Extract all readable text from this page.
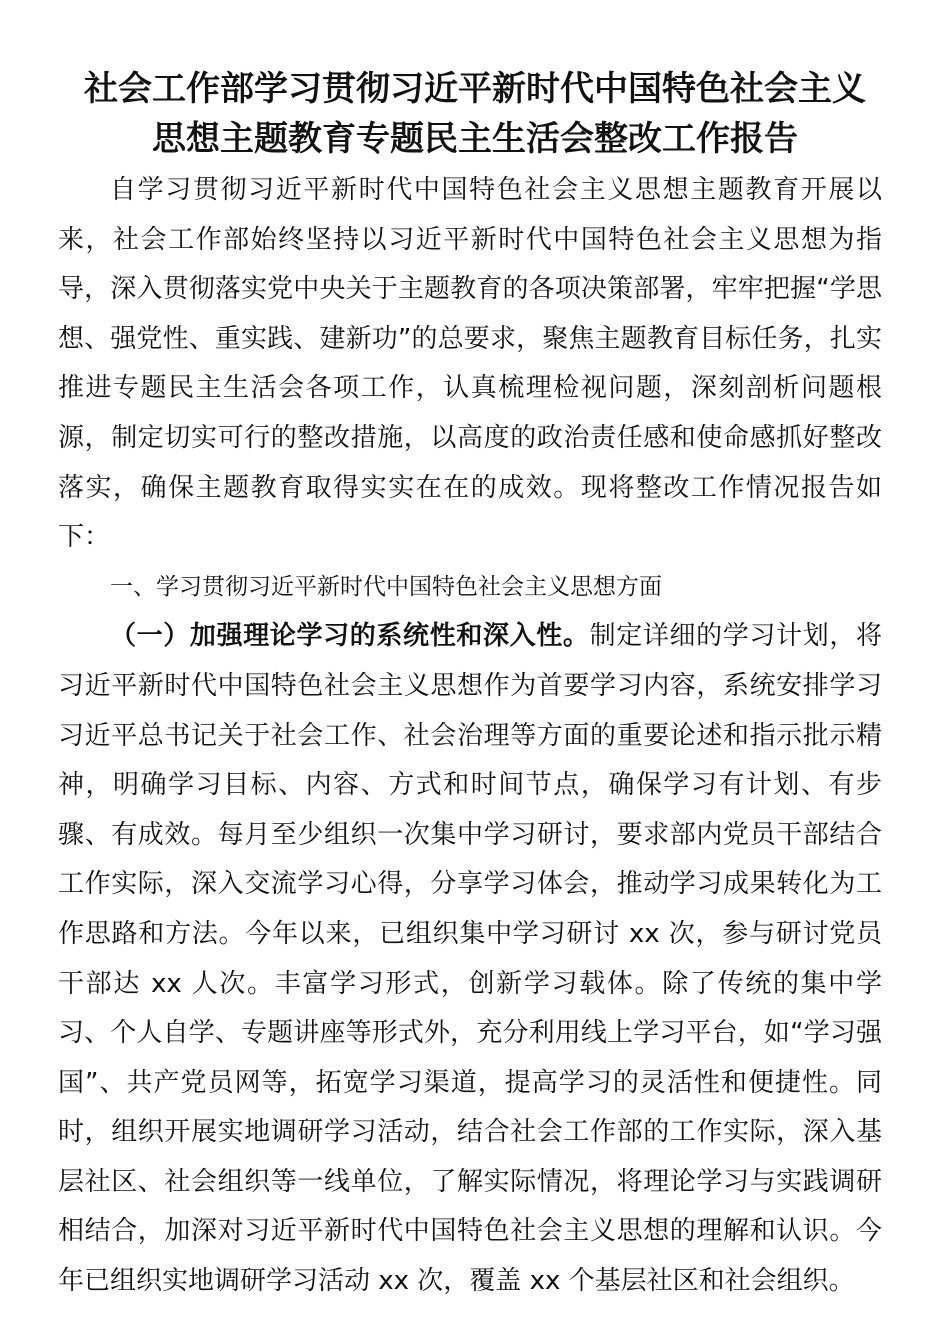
社会工作部学习贯彻习近平新时代中国特色社会主义
思想主题教育专题民主生活会整改工作报告

自学习贯彻习近平新时代中国特色社会主义思想主题教育开展以来，社会工作部始终坚持以习近平新时代中国特色社会主义思想为指导，深入贯彻落实党中央关于主题教育的各项决策部署，牢牢把握“学思想、强党性、重实践、建新功”的总要求，聚焦主题教育目标任务，扎实推进专题民主生活会各项工作，认真梳理检视问题，深刻剖析问题根源，制定切实可行的整改措施，以高度的政治责任感和使命感抓好整改落实，确保主题教育取得实实在在的成效。现将整改工作情况报告如下：

一、学习贯彻习近平新时代中国特色社会主义思想方面

（一）加强理论学习的系统性和深入性。制定详细的学习计划，将习近平新时代中国特色社会主义思想作为首要学习内容，系统安排学习习近平总书记关于社会工作、社会治理等方面的重要论述和指示批示精神，明确学习目标、内容、方式和时间节点，确保学习有计划、有步骤、有成效。每月至少组织一次集中学习研讨，要求部内党员干部结合工作实际，深入交流学习心得，分享学习体会，推动学习成果转化为工作思路和方法。今年以来，已组织集中学习研讨 xx 次，参与研讨党员干部达 xx 人次。丰富学习形式，创新学习载体。除了传统的集中学习、个人自学、专题讲座等形式外，充分利用线上学习平台，如“学习强国”、共产党员网等，拓宽学习渠道，提高学习的灵活性和便捷性。同时，组织开展实地调研学习活动，结合社会工作部的工作实际，深入基层社区、社会组织等一线单位，了解实际情况，将理论学习与实践调研相结合，加深对习近平新时代中国特色社会主义思想的理解和认识。今年已组织实地调研学习活动 xx 次，覆盖 xx 个基层社区和社会组织。
